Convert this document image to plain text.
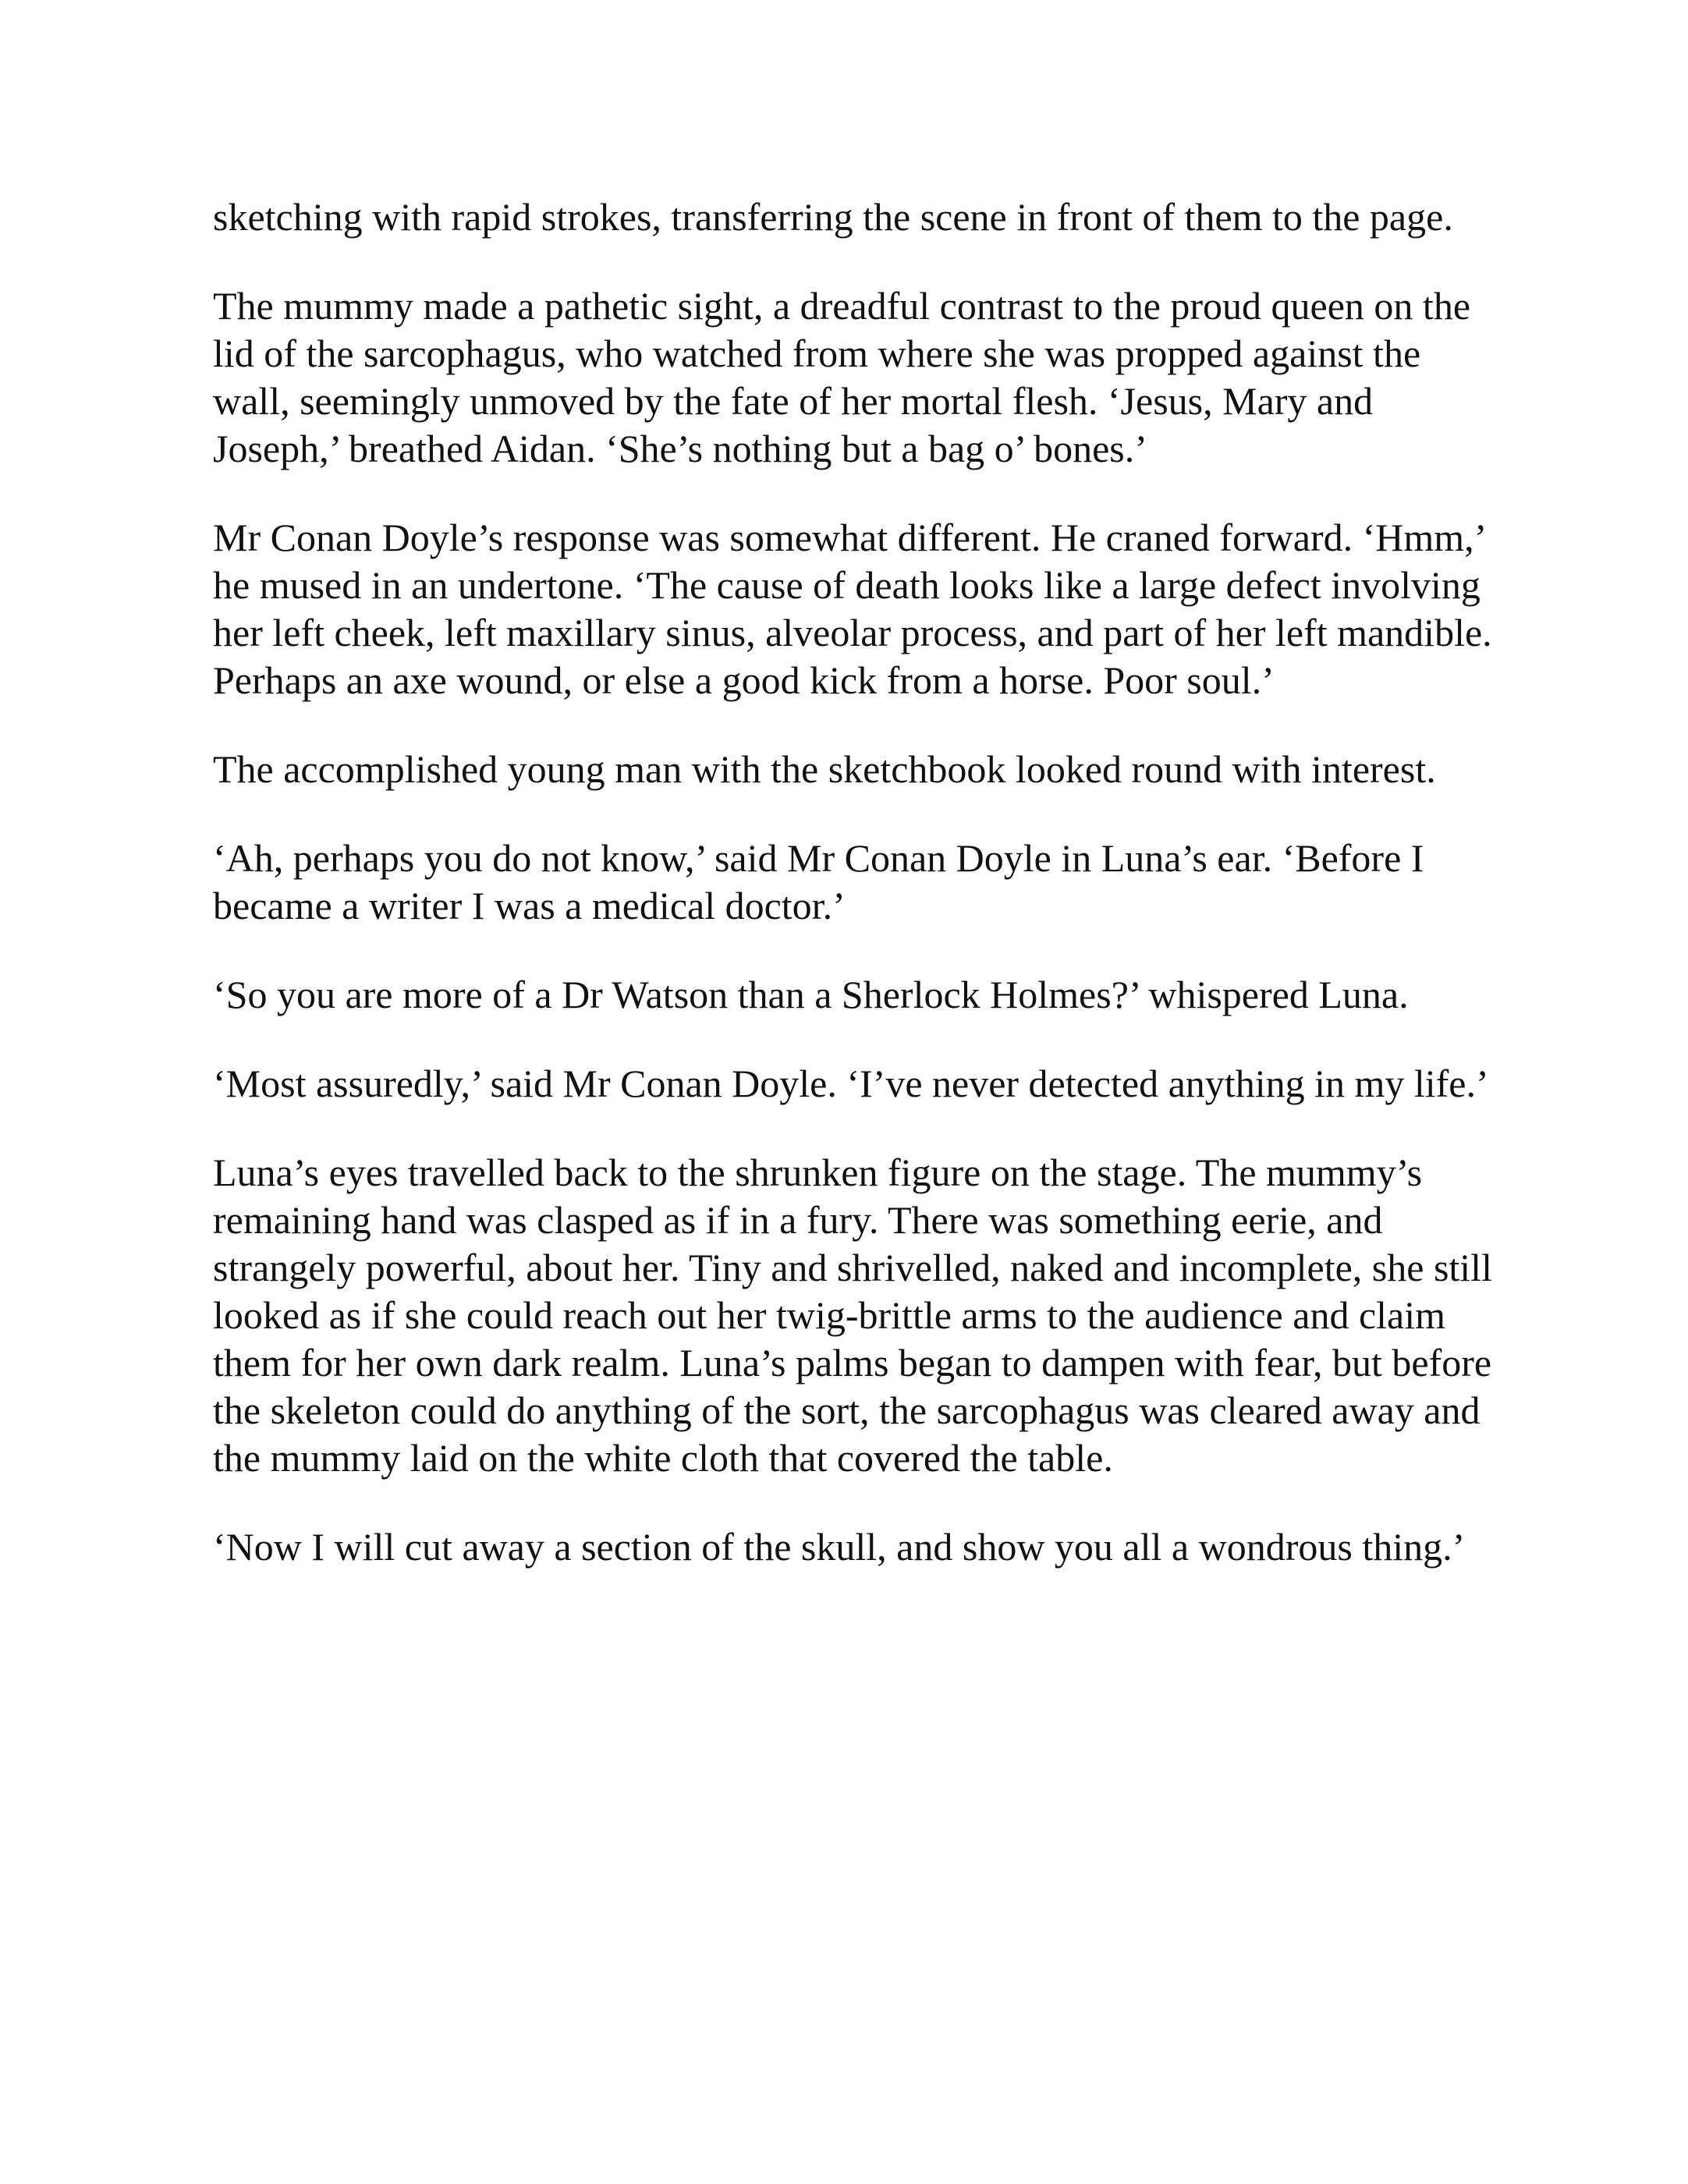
sketching with rapid strokes, transferring the scene in front of them to the page.

The mummy made a pathetic sight, a dreadful contrast to the proud queen on the lid of the sarcophagus, who watched from where she was propped against the wall, seemingly unmoved by the fate of her mortal flesh. ‘Jesus, Mary and Joseph,’ breathed Aidan. ‘She’s nothing but a bag o’ bones.’

Mr Conan Doyle’s response was somewhat different. He craned forward. ‘Hmm,’ he mused in an undertone. ‘The cause of death looks like a large defect involving her left cheek, left maxillary sinus, alveolar process, and part of her left mandible. Perhaps an axe wound, or else a good kick from a horse. Poor soul.’

The accomplished young man with the sketchbook looked round with interest.

‘Ah, perhaps you do not know,’ said Mr Conan Doyle in Luna’s ear. ‘Before I became a writer I was a medical doctor.’

‘So you are more of a Dr Watson than a Sherlock Holmes?’ whispered Luna.

‘Most assuredly,’ said Mr Conan Doyle. ‘I’ve never detected anything in my life.’

Luna’s eyes travelled back to the shrunken figure on the stage. The mummy’s remaining hand was clasped as if in a fury. There was something eerie, and strangely powerful, about her. Tiny and shrivelled, naked and incomplete, she still looked as if she could reach out her twig-brittle arms to the audience and claim them for her own dark realm. Luna’s palms began to dampen with fear, but before the skeleton could do anything of the sort, the sarcophagus was cleared away and the mummy laid on the white cloth that covered the table.

‘Now I will cut away a section of the skull, and show you all a wondrous thing.’
